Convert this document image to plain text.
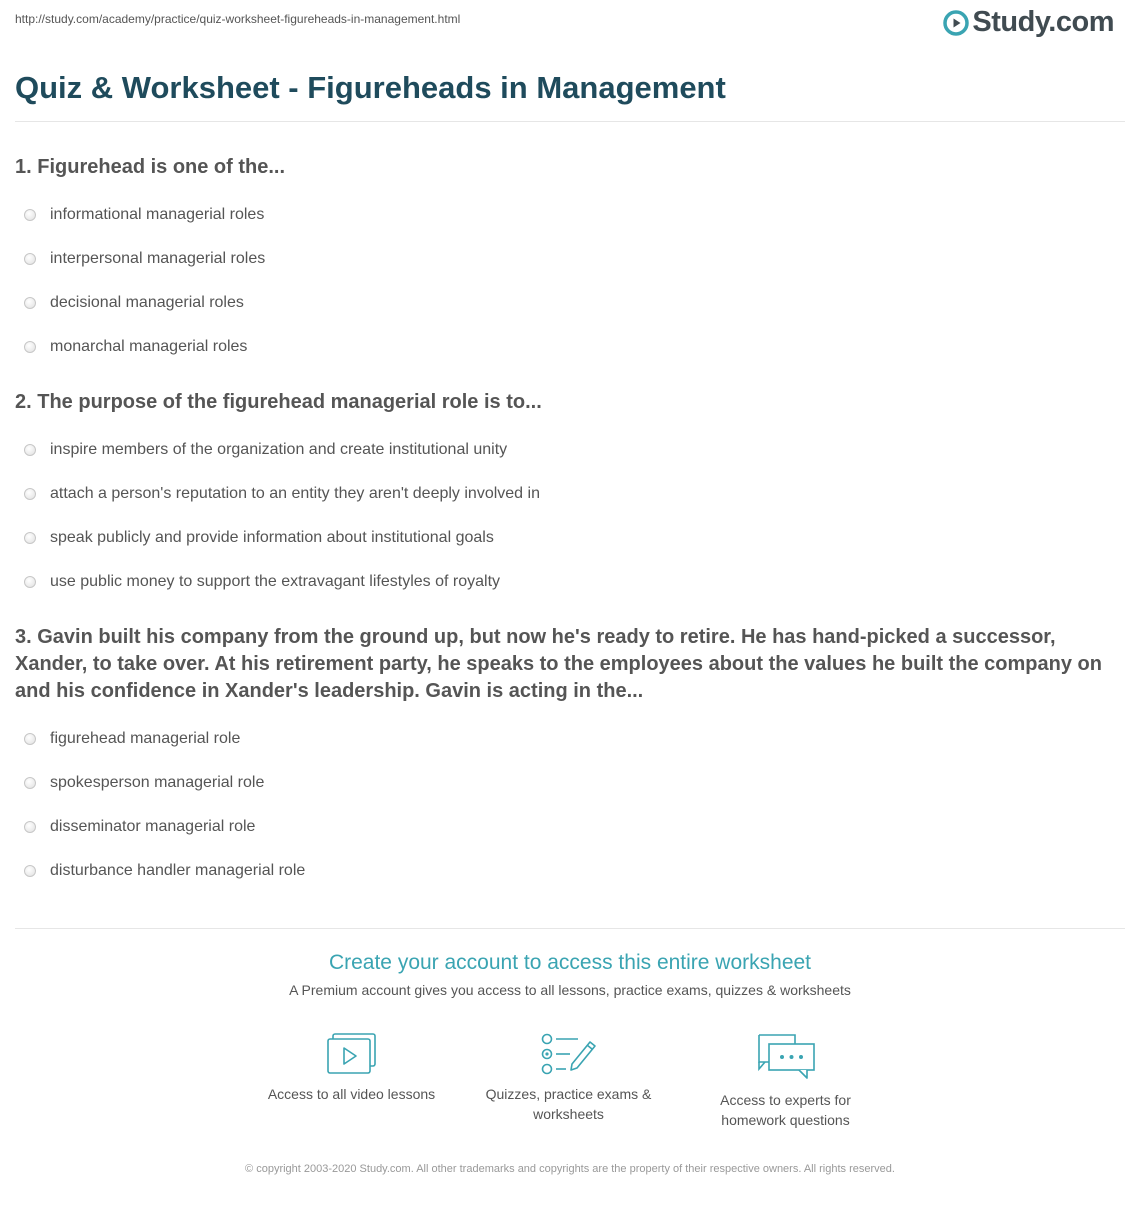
http://study.com/academy/practice/quiz-worksheet-figureheads-in-management.html	Study.com
Quiz & Worksheet - Figureheads in Management

1. Figurehead is one of the...

informational managerial roles
interpersonal managerial roles
decisional managerial roles
monarchal managerial roles

2. The purpose of the figurehead managerial role is to...

inspire members of the organization and create institutional unity
attach a person's reputation to an entity they aren't deeply involved in
speak publicly and provide information about institutional goals
use public money to support the extravagant lifestyles of royalty

3. Gavin built his company from the ground up, but now he's ready to retire. He has hand-picked a successor, Xander, to take over. At his retirement party, he speaks to the employees about the values he built the company on and his confidence in Xander's leadership. Gavin is acting in the...

figurehead managerial role
spokesperson managerial role
disseminator managerial role
disturbance handler managerial role
Create your account to access this entire worksheet
A Premium account gives you access to all lessons, practice exams, quizzes & worksheets
Access to all video lessons	Quizzes, practice exams & worksheets
Access to experts for homework questions
© copyright 2003-2020 Study.com. All other trademarks and copyrights are the property of their respective owners. All rights reserved.
